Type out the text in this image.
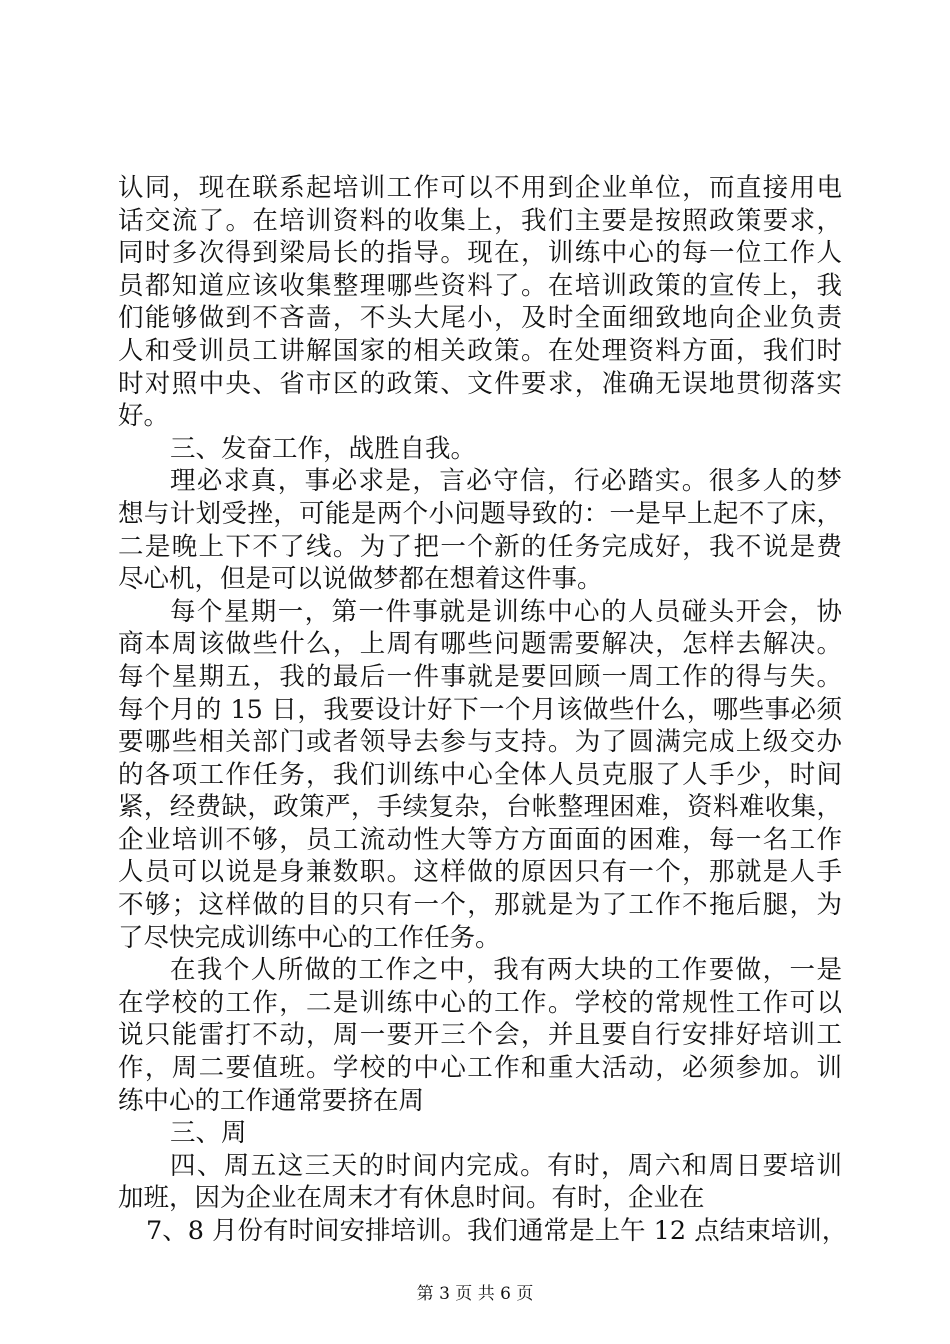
认同，现在联系起培训工作可以不用到企业单位，而直接用电
话交流了。在培训资料的收集上，我们主要是按照政策要求，
同时多次得到梁局长的指导。现在，训练中心的每一位工作人
员都知道应该收集整理哪些资料了。在培训政策的宣传上，我
们能够做到不吝啬，不头大尾小，及时全面细致地向企业负责
人和受训员工讲解国家的相关政策。在处理资料方面，我们时
时对照中央、省市区的政策、文件要求，准确无误地贯彻落实
好。
三、发奋工作，战胜自我。
理必求真，事必求是，言必守信，行必踏实。很多人的梦
想与计划受挫，可能是两个小问题导致的：一是早上起不了床，
二是晚上下不了线。为了把一个新的任务完成好，我不说是费
尽心机，但是可以说做梦都在想着这件事。
每个星期一，第一件事就是训练中心的人员碰头开会，协
商本周该做些什么，上周有哪些问题需要解决，怎样去解决。
每个星期五，我的最后一件事就是要回顾一周工作的得与失。
每个月的 15 日，我要设计好下一个月该做些什么，哪些事必须
要哪些相关部门或者领导去参与支持。为了圆满完成上级交办
的各项工作任务，我们训练中心全体人员克服了人手少，时间
紧，经费缺，政策严，手续复杂，台帐整理困难，资料难收集，
企业培训不够，员工流动性大等方方面面的困难，每一名工作
人员可以说是身兼数职。这样做的原因只有一个，那就是人手
不够；这样做的目的只有一个，那就是为了工作不拖后腿，为
了尽快完成训练中心的工作任务。
在我个人所做的工作之中，我有两大块的工作要做，一是
在学校的工作，二是训练中心的工作。学校的常规性工作可以
说只能雷打不动，周一要开三个会，并且要自行安排好培训工
作，周二要值班。学校的中心工作和重大活动，必须参加。训
练中心的工作通常要挤在周
三、周
四、周五这三天的时间内完成。有时，周六和周日要培训
加班，因为企业在周末才有休息时间。有时，企业在
7、8 月份有时间安排培训。我们通常是上午 12 点结束培训，
第 3 页 共 6 页
